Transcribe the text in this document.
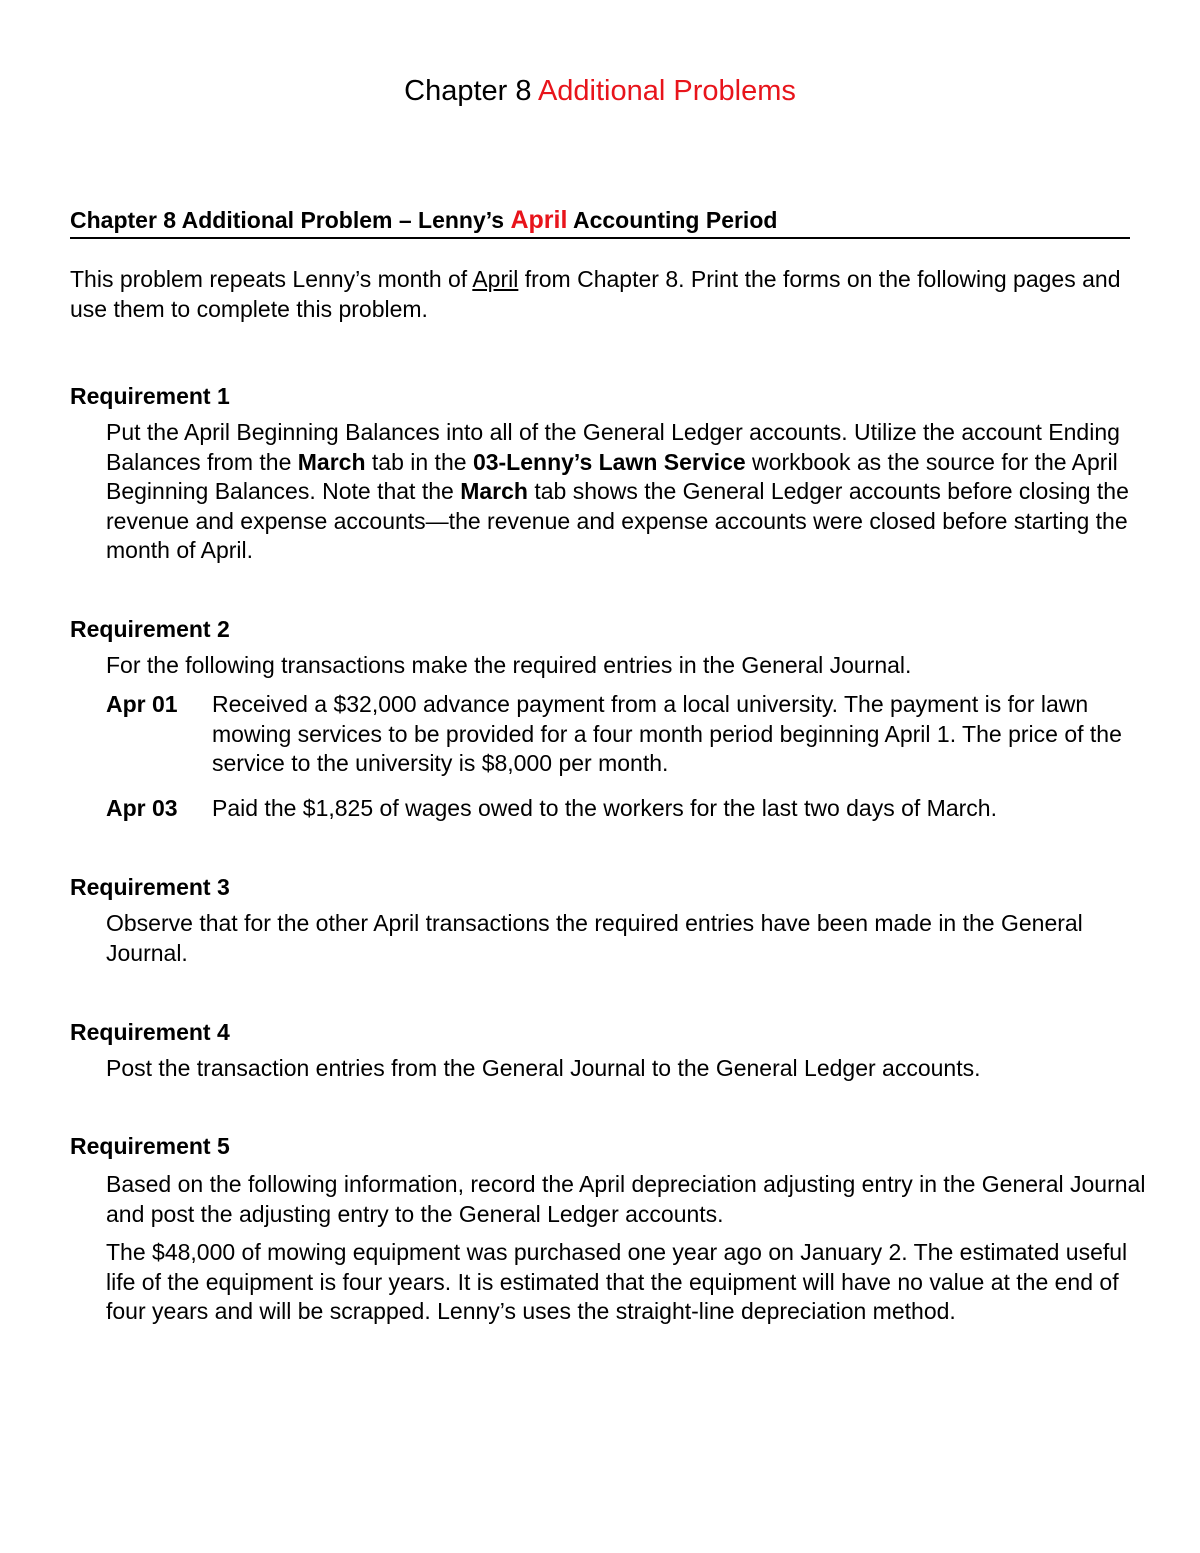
Chapter 8 Additional Problems
Chapter 8 Additional Problem – Lenny’s April Accounting Period

This problem repeats Lenny’s month of April from Chapter 8. Print the forms on the following pages and use them to complete this problem.

Requirement 1

Put the April Beginning Balances into all of the General Ledger accounts. Utilize the account Ending Balances from the March tab in the 03-Lenny’s Lawn Service workbook as the source for the April Beginning Balances. Note that the March tab shows the General Ledger accounts before closing the revenue and expense accounts—the revenue and expense accounts were closed before starting the month of April.

Requirement 2

For the following transactions make the required entries in the General Journal.

Apr 01 Received a $32,000 advance payment from a local university. The payment is for lawn mowing services to be provided for a four month period beginning April 1. The price of the service to the university is $8,000 per month.
Apr 03 Paid the $1,825 of wages owed to the workers for the last two days of March.
Requirement 3

Observe that for the other April transactions the required entries have been made in the General Journal.

Requirement 4

Post the transaction entries from the General Journal to the General Ledger accounts.

Requirement 5

Based on the following information, record the April depreciation adjusting entry in the General Journal and post the adjusting entry to the General Ledger accounts.

The $48,000 of mowing equipment was purchased one year ago on January 2. The estimated useful life of the equipment is four years. It is estimated that the equipment will have no value at the end of four years and will be scrapped. Lenny’s uses the straight-line depreciation method.
